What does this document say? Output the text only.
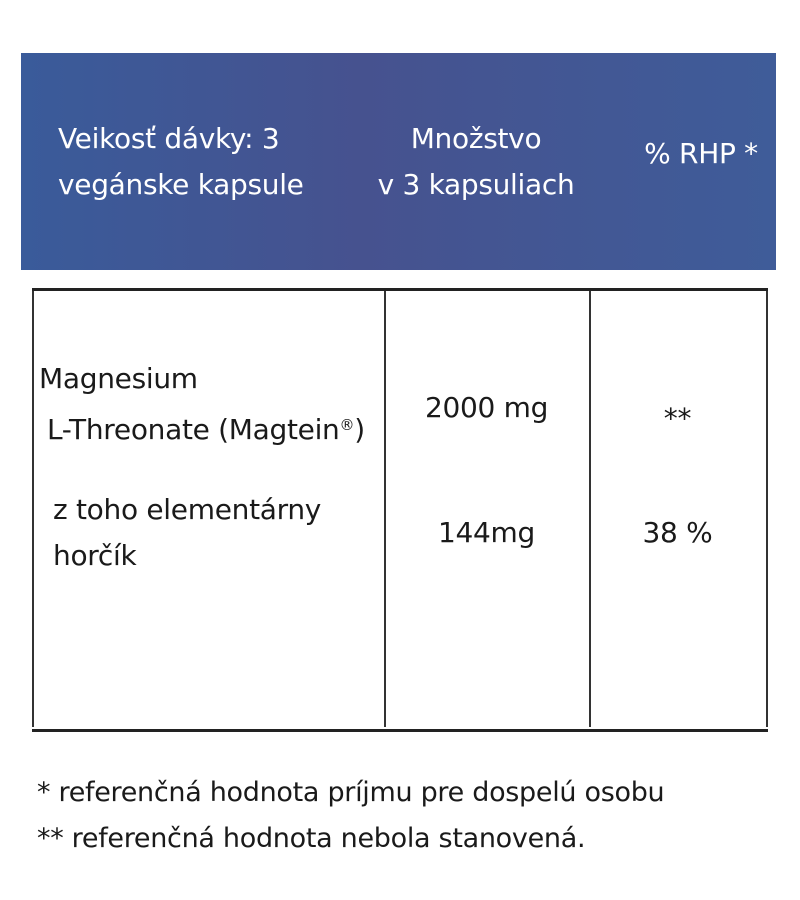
Veikosť dávky: 3
vegánske kapsule
Množstvo
v 3 kapsuliach
% RHP *
Magnesium
L-Threonate (Magtein®)
2000 mg	**
z toho elementárny
horčík
144mg	38 %
* referenčná hodnota príjmu pre dospelú osobu
** referenčná hodnota nebola stanovená.
